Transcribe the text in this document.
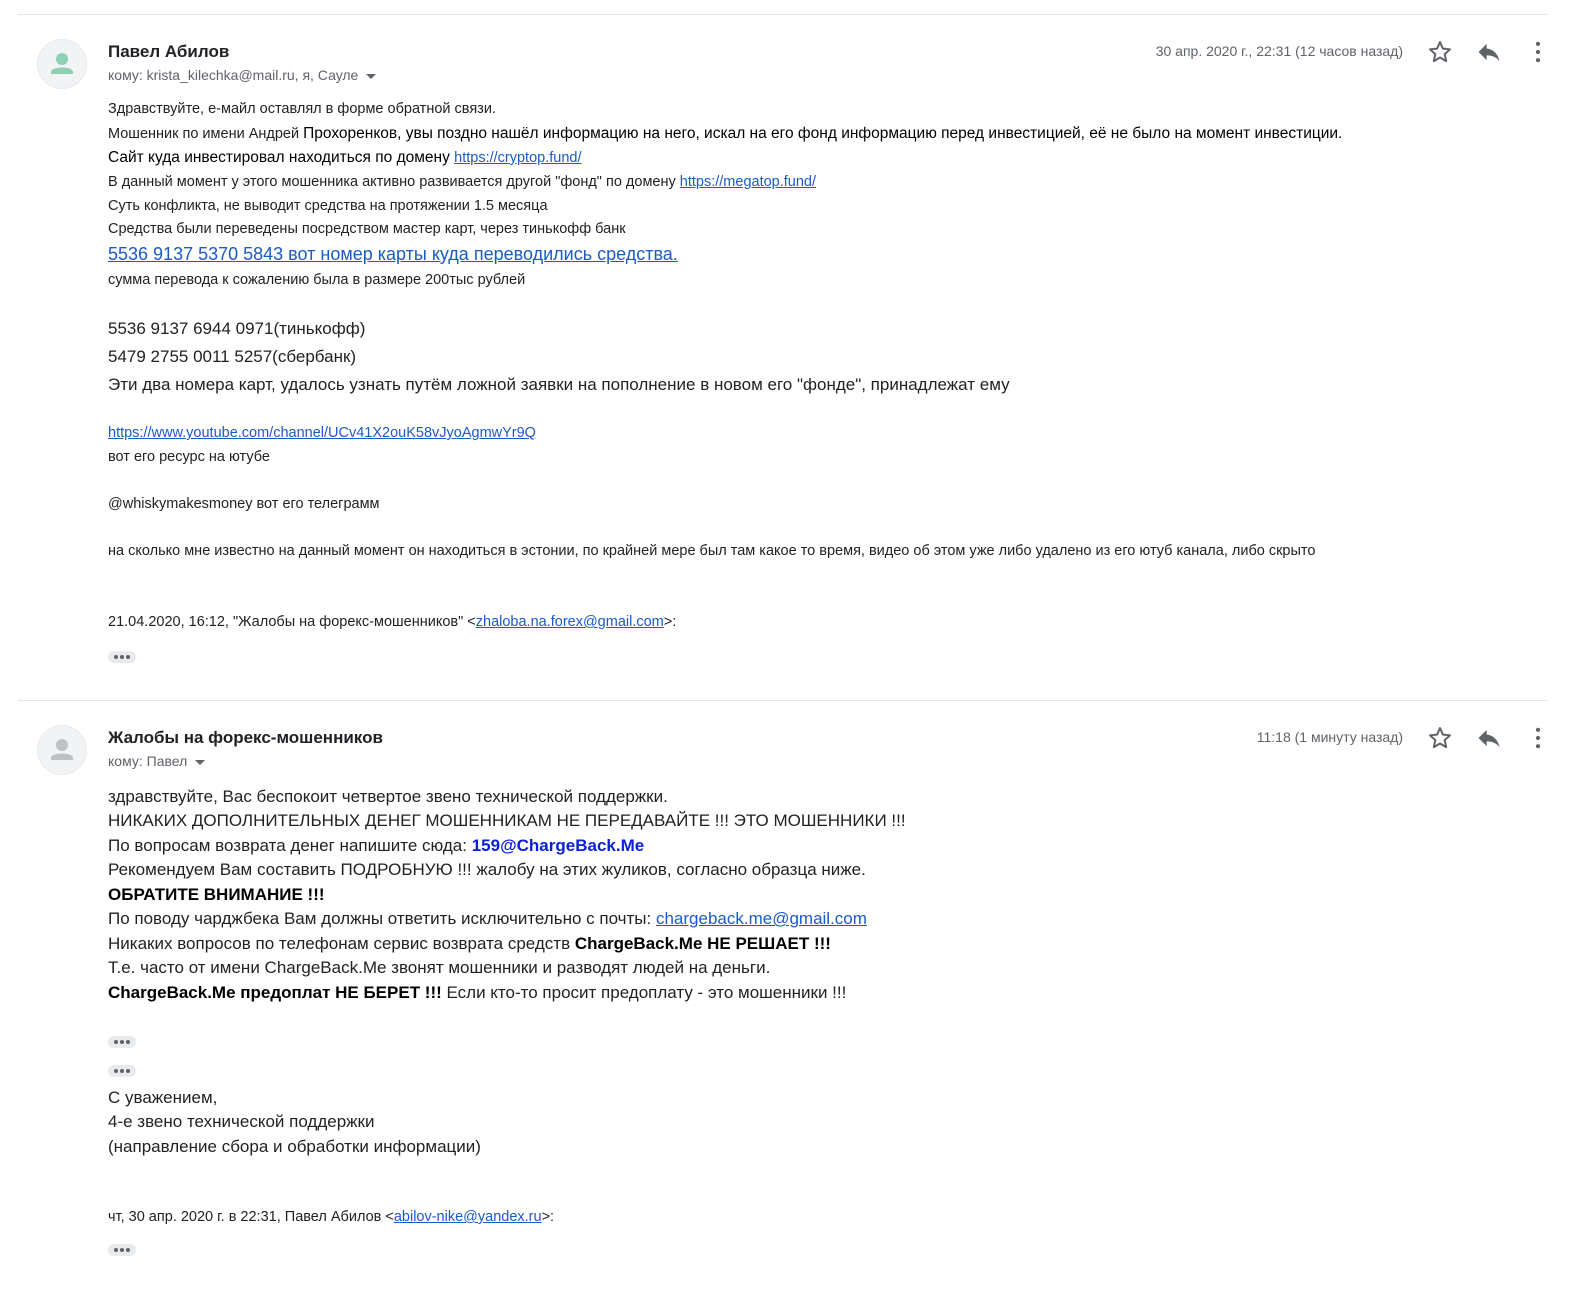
Павел Абилов
кому: krista_kilechka@mail.ru, я, Сауле
30 апр. 2020 г., 22:31 (12 часов назад)
Здравствуйте, е-майл оставлял в форме обратной связи.
Мошенник по имени Андрей Прохоренков, увы поздно нашёл информацию на него, искал на его фонд информацию перед инвестицией, её не было на момент инвестиции.
Сайт куда инвестировал находиться по домену https://cryptop.fund/
В данный момент у этого мошенника активно развивается другой "фонд" по домену https://megatop.fund/
Суть конфликта, не выводит средства на протяжении 1.5 месяца
Средства были переведены посредством мастер карт, через тинькофф банк
5536 9137 5370 5843 вот номер карты куда переводились средства.
сумма перевода к сожалению была в размере 200тыс рублей
5536 9137 6944 0971(тинькофф)
5479 2755 0011 5257(сбербанк)
Эти два номера карт, удалось узнать путём ложной заявки на пополнение в новом его "фонде", принадлежат ему
https://www.youtube.com/channel/UCv41X2ouK58vJyoAgmwYr9Q
вот его ресурс на ютубе
@whiskymakesmoney вот его телеграмм
на сколько мне известно на данный момент он находиться в эстонии, по крайней мере был там какое то время, видео об этом уже либо удалено из его ютуб канала, либо скрыто
21.04.2020, 16:12, "Жалобы на форекс-мошенников" <zhaloba.na.forex@gmail.com>:
Жалобы на форекс-мошенников
кому: Павел
11:18 (1 минуту назад)
здравствуйте, Вас беспокоит четвертое звено технической поддержки.
НИКАКИХ ДОПОЛНИТЕЛЬНЫХ ДЕНЕГ МОШЕННИКАМ НЕ ПЕРЕДАВАЙТЕ !!! ЭТО МОШЕННИКИ !!!
По вопросам возврата денег напишите сюда: 159@ChargeBack.Me
Рекомендуем Вам составить ПОДРОБНУЮ !!! жалобу на этих жуликов, согласно образца ниже.
ОБРАТИТЕ ВНИМАНИЕ !!!
По поводу чарджбека Вам должны ответить исключительно с почты: chargeback.me@gmail.com
Никаких вопросов по телефонам сервис возврата средств ChargeBack.Me НЕ РЕШАЕТ !!!
Т.е. часто от имени ChargeBack.Me звонят мошенники и разводят людей на деньги.
ChargeBack.Me предоплат НЕ БЕРЕТ !!! Если кто-то просит предоплату - это мошенники !!!
С уважением,
4-е звено технической поддержки
(направление сбора и обработки информации)
чт, 30 апр. 2020 г. в 22:31, Павел Абилов <abilov-nike@yandex.ru>:
